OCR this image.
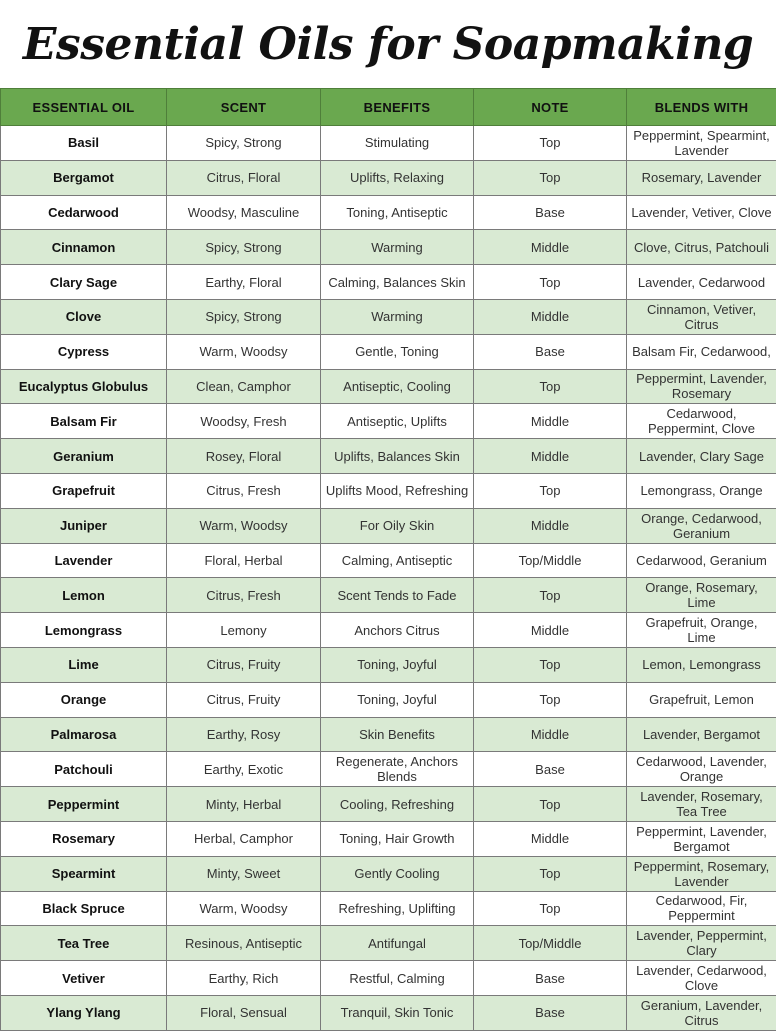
Essential Oils for Soapmaking
ESSENTIAL OIL	SCENT	BENEFITS	NOTE	BLENDS WITH
Basil	Spicy, Strong	Stimulating	Top	Peppermint, Spearmint, Lavender
Bergamot	Citrus, Floral	Uplifts, Relaxing	Top	Rosemary, Lavender
Cedarwood	Woodsy, Masculine	Toning, Antiseptic	Base	Lavender, Vetiver, Clove
Cinnamon	Spicy, Strong	Warming	Middle	Clove, Citrus, Patchouli
Clary Sage	Earthy, Floral	Calming, Balances Skin	Top	Lavender, Cedarwood
Clove	Spicy, Strong	Warming	Middle	Cinnamon, Vetiver, Citrus
Cypress	Warm, Woodsy	Gentle, Toning	Base	Balsam Fir, Cedarwood,
Eucalyptus Globulus	Clean, Camphor	Antiseptic, Cooling	Top	Peppermint, Lavender, Rosemary
Balsam Fir	Woodsy, Fresh	Antiseptic, Uplifts	Middle	Cedarwood, Peppermint, Clove
Geranium	Rosey, Floral	Uplifts, Balances Skin	Middle	Lavender, Clary Sage
Grapefruit	Citrus, Fresh	Uplifts Mood, Refreshing	Top	Lemongrass, Orange
Juniper	Warm, Woodsy	For Oily Skin	Middle	Orange, Cedarwood, Geranium
Lavender	Floral, Herbal	Calming, Antiseptic	Top/Middle	Cedarwood, Geranium
Lemon	Citrus, Fresh	Scent Tends to Fade	Top	Orange, Rosemary, Lime
Lemongrass	Lemony	Anchors Citrus	Middle	Grapefruit, Orange, Lime
Lime	Citrus, Fruity	Toning, Joyful	Top	Lemon, Lemongrass
Orange	Citrus, Fruity	Toning, Joyful	Top	Grapefruit, Lemon
Palmarosa	Earthy, Rosy	Skin Benefits	Middle	Lavender, Bergamot
Patchouli	Earthy, Exotic	Regenerate, Anchors Blends	Base	Cedarwood, Lavender, Orange
Peppermint	Minty, Herbal	Cooling, Refreshing	Top	Lavender, Rosemary, Tea Tree
Rosemary	Herbal, Camphor	Toning, Hair Growth	Middle	Peppermint, Lavender, Bergamot
Spearmint	Minty, Sweet	Gently Cooling	Top	Peppermint, Rosemary, Lavender
Black Spruce	Warm, Woodsy	Refreshing, Uplifting	Top	Cedarwood, Fir, Peppermint
Tea Tree	Resinous, Antiseptic	Antifungal	Top/Middle	Lavender, Peppermint, Clary
Vetiver	Earthy, Rich	Restful, Calming	Base	Lavender, Cedarwood, Clove
Ylang Ylang	Floral, Sensual	Tranquil, Skin Tonic	Base	Geranium, Lavender, Citrus
